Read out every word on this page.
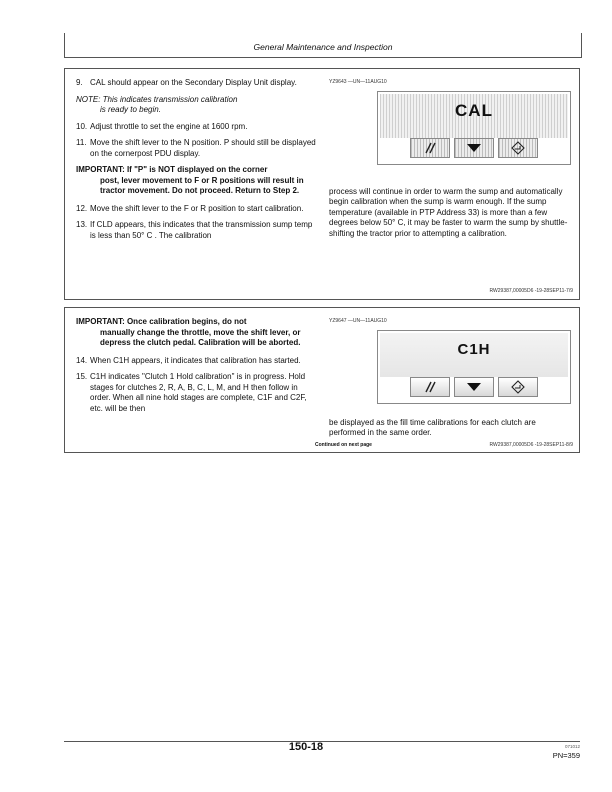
General Maintenance and Inspection
9. CAL should appear on the Secondary Display Unit display.
NOTE: This indicates transmission calibration
is ready to begin.
10. Adjust throttle to set the engine at 1600 rpm.
11. Move the shift lever to the N position. P should still be displayed on the cornerpost PDU display.
IMPORTANT: If "P" is NOT displayed on the corner
post, lever movement to F or R positions will result in tractor movement. Do not proceed. Return to Step 2.
12. Move the shift lever to the F or R position to start calibration.
13. If CLD appears, this indicates that the transmission sump temp is less than 50° C . The calibration
YZ9643 —UN—11AUG10
CAL
process will continue in order to warm the sump and automatically begin calibration when the sump is warm enough. If the sump temperature (available in PTP Address 33) is more than a few degrees below 50° C, it may be faster to warm the sump by shuttle-shifting the tractor prior to attempting a calibration.
RW29387,00005D6 -19-28SEP11-7/9
IMPORTANT: Once calibration begins, do not
manually change the throttle, move the shift lever, or depress the clutch pedal. Calibration will be aborted.
14. When C1H appears, it indicates that calibration has started.
15. C1H indicates "Clutch 1 Hold calibration" is in progress. Hold stages for clutches 2, R, A, B, C, L, M, and H then follow in order. When all nine hold stages are complete, C1F and C2F, etc. will be then
YZ9647 —UN—11AUG10
C1H
be displayed as the fill time calibrations for each clutch are performed in the same order.
Continued on next page	RW29387,00005D6 -19-28SEP11-8/9
150-18	071012
PN=359
